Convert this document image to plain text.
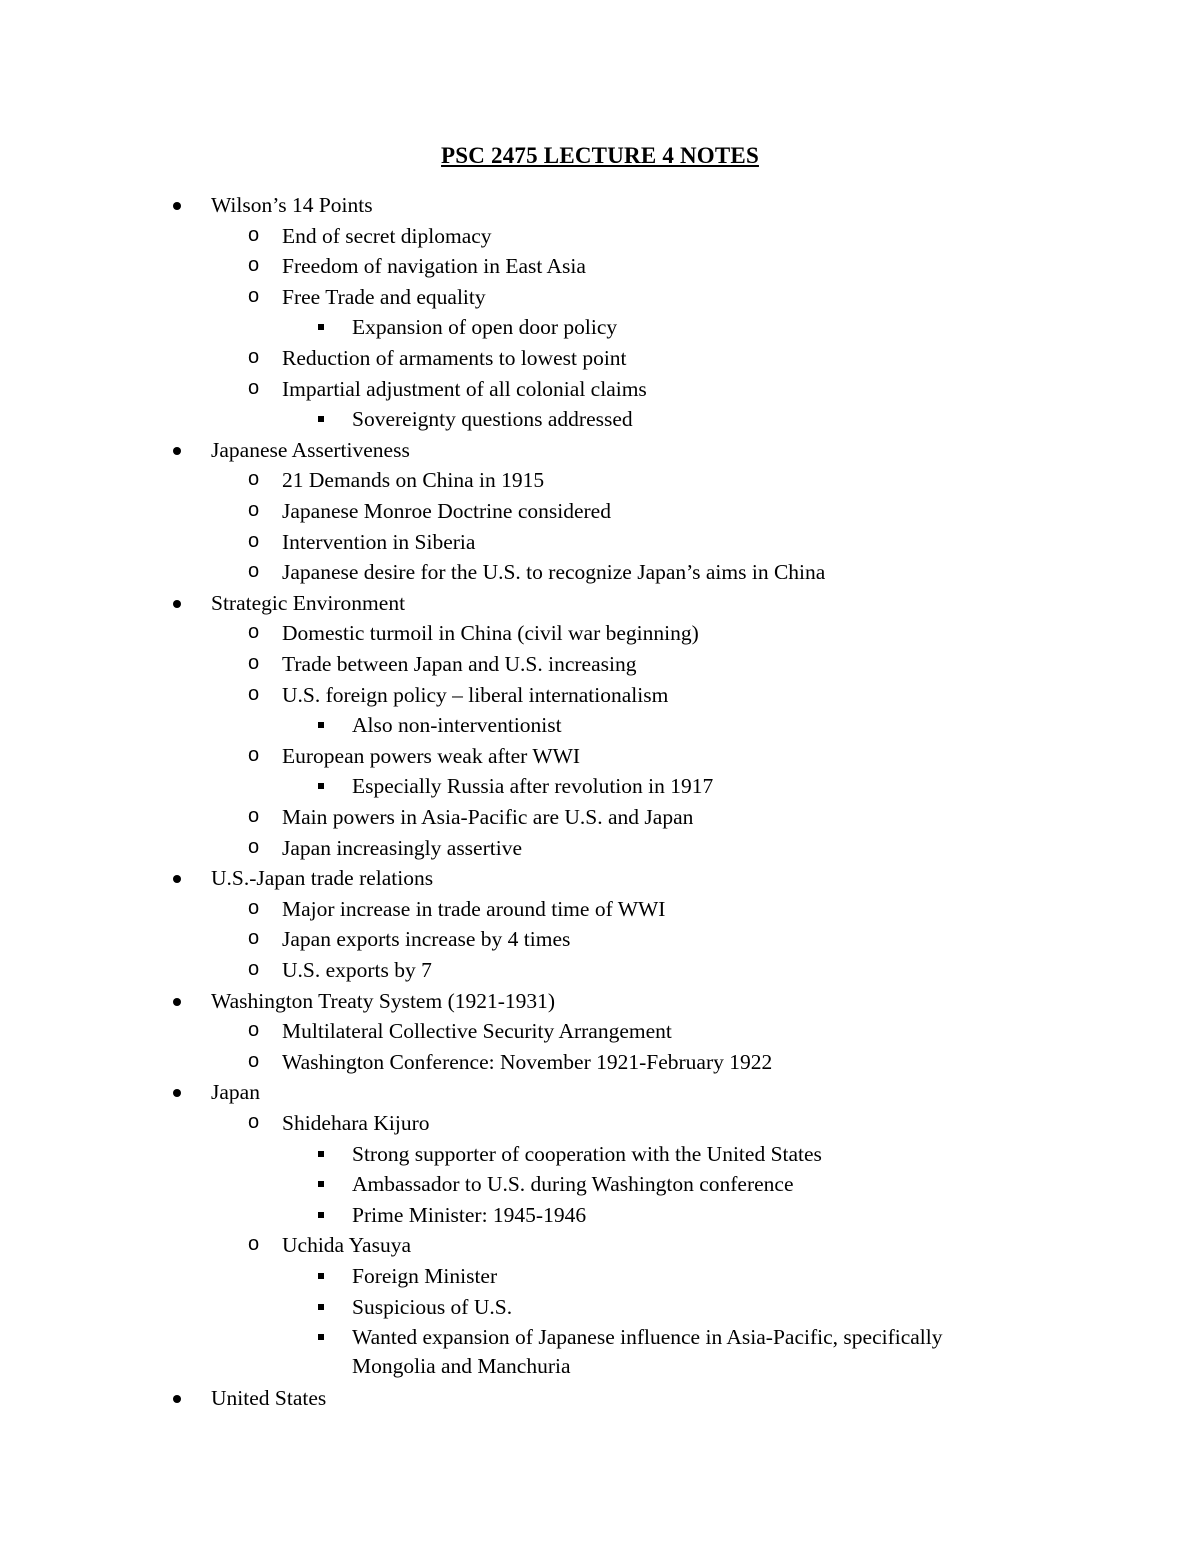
PSC 2475 LECTURE 4 NOTES
Wilson’s 14 Points
o End of secret diplomacy
o Freedom of navigation in East Asia
o Free Trade and equality
Expansion of open door policy
o Reduction of armaments to lowest point
o Impartial adjustment of all colonial claims
Sovereignty questions addressed
Japanese Assertiveness
o 21 Demands on China in 1915
o Japanese Monroe Doctrine considered
o Intervention in Siberia
o Japanese desire for the U.S. to recognize Japan’s aims in China
Strategic Environment
o Domestic turmoil in China (civil war beginning)
o Trade between Japan and U.S. increasing
o U.S. foreign policy – liberal internationalism
Also non-interventionist
o European powers weak after WWI
Especially Russia after revolution in 1917
o Main powers in Asia-Pacific are U.S. and Japan
o Japan increasingly assertive
U.S.-Japan trade relations
o Major increase in trade around time of WWI
o Japan exports increase by 4 times
o U.S. exports by 7
Washington Treaty System (1921-1931)
o Multilateral Collective Security Arrangement
o Washington Conference: November 1921-February 1922
Japan
o Shidehara Kijuro
Strong supporter of cooperation with the United States
Ambassador to U.S. during Washington conference
Prime Minister: 1945-1946
o Uchida Yasuya
Foreign Minister
Suspicious of U.S.
Wanted expansion of Japanese influence in Asia-Pacific, specifically
Mongolia and Manchuria
United States
